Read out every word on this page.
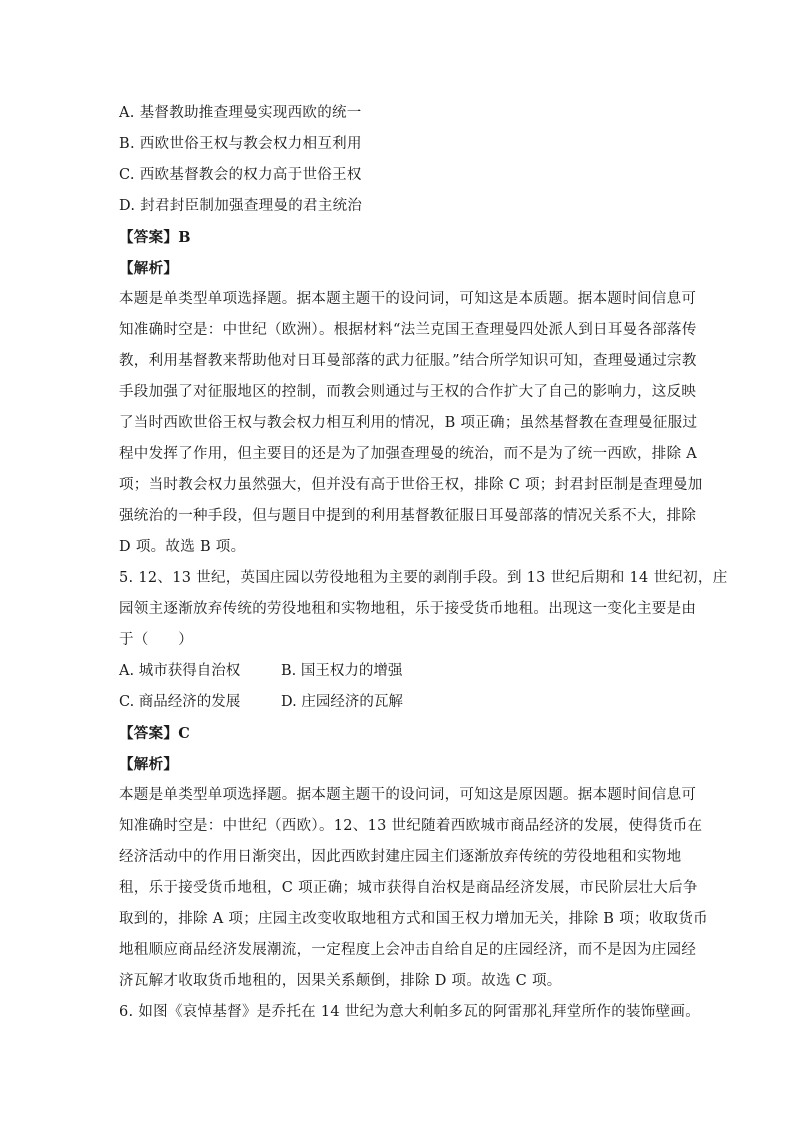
A. 基督教助推查理曼实现西欧的统一
B. 西欧世俗王权与教会权力相互利用
C. 西欧基督教会的权力高于世俗王权
D. 封君封臣制加强查理曼的君主统治
【答案】B
【解析】
本题是单类型单项选择题。据本题主题干的设问词，可知这是本质题。据本题时间信息可
知准确时空是：中世纪（欧洲）。根据材料“法兰克国王查理曼四处派人到日耳曼各部落传
教，利用基督教来帮助他对日耳曼部落的武力征服。”结合所学知识可知，查理曼通过宗教
手段加强了对征服地区的控制，而教会则通过与王权的合作扩大了自己的影响力，这反映
了当时西欧世俗王权与教会权力相互利用的情况，B 项正确；虽然基督教在查理曼征服过
程中发挥了作用，但主要目的还是为了加强查理曼的统治，而不是为了统一西欧，排除 A
项；当时教会权力虽然强大，但并没有高于世俗王权，排除 C 项；封君封臣制是查理曼加
强统治的一种手段，但与题目中提到的利用基督教征服日耳曼部落的情况关系不大，排除
D 项。故选 B 项。
5. 12、13 世纪，英国庄园以劳役地租为主要的剥削手段。到 13 世纪后期和 14 世纪初，庄
园领主逐渐放弃传统的劳役地租和实物地租，乐于接受货币地租。出现这一变化主要是由
于（　　）
A. 城市获得自治权	B. 国王权力的增强
C. 商品经济的发展	D. 庄园经济的瓦解
【答案】C
【解析】
本题是单类型单项选择题。据本题主题干的设问词，可知这是原因题。据本题时间信息可
知准确时空是：中世纪（西欧）。12、13 世纪随着西欧城市商品经济的发展，使得货币在
经济活动中的作用日渐突出，因此西欧封建庄园主们逐渐放弃传统的劳役地租和实物地
租，乐于接受货币地租，C 项正确；城市获得自治权是商品经济发展，市民阶层壮大后争
取到的，排除 A 项；庄园主改变收取地租方式和国王权力增加无关，排除 B 项；收取货币
地租顺应商品经济发展潮流，一定程度上会冲击自给自足的庄园经济，而不是因为庄园经
济瓦解才收取货币地租的，因果关系颠倒，排除 D 项。故选 C 项。
6. 如图《哀悼基督》是乔托在 14 世纪为意大利帕多瓦的阿雷那礼拜堂所作的装饰壁画。
